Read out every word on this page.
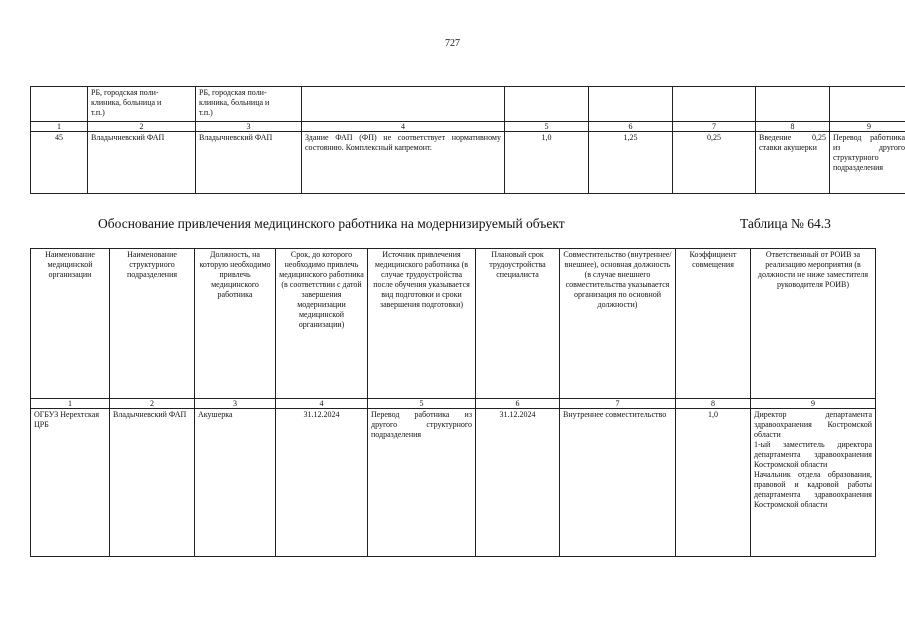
727
	РБ, городская поли-
клиника, больница и
т.п.)	РБ, городская поли-
клиника, больница и
т.п.)						
1	2	3	4	5	6	7	8	9
45	Владычневский ФАП	Владычневский ФАП	Здание ФАП (ФП) не соответствует нормативному состоянию. Комплексный капремонт.	1,0	1,25	0,25	Введение 0,25 ставки акушерки	Перевод работника из другого структурного подразделения
Обоснование привлечения медицинского работника на модернизируемый объект	Таблица № 64.3
Наименование медицинской организации	Наименование структурного подразделения	Должность, на которую необходимо привлечь медицинского работника	Срок, до которого необходимо привлечь медицинского работника (в соответствии с датой завершения модернизации медицинской организации)	Источник привлечения медицинского работника (в случае трудоустройства после обучения указывается вид подготовки и сроки завершения подготовки)	Плановый срок трудоустройства специалиста	Совместительство (внутреннее/внешнее), основная должность (в случае внешнего совместительства указывается организация по основной должности)	Коэффициент совмещения	Ответственный от РОИВ за реализацию мероприятия (в должности не ниже заместителя руководителя РОИВ)
1	2	3	4	5	6	7	8	9
ОГБУЗ Нерехтская ЦРБ	Владычневский ФАП	Акушерка	31.12.2024	Перевод работника из другого структурного подразделения	31.12.2024	Внутреннее совместительство	1,0	Директор департамента здравоохранения Костромской области
1-ый заместитель директора департамента здравоохранения Костромской области
Начальник отдела образования, правовой и кадровой работы департамента здравоохранения Костромской области
